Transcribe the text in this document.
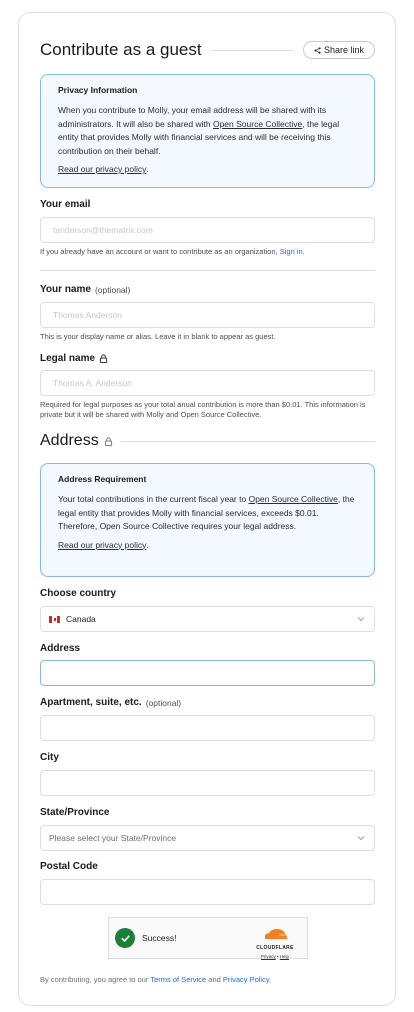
Contribute as a guest	Share link
Privacy Information
When you contribute to Molly, your email address will be shared with its administrators. It will also be shared with Open Source Collective, the legal entity that provides Molly with financial services and will be receiving this contribution on their behalf.
Read our privacy policy.
Your email
tanderson@thematrix.com
If you already have an account or want to contribute as an organization, Sign in.
Your name (optional)
Thomas Anderson
This is your display name or alias. Leave it in blank to appear as guest.
Legal name
Thomas A. Anderson
Required for legal purposes as your total anual contribution is more than $0.01. This information is private but it will be shared with Molly and Open Source Collective.
Address
Address Requirement
Your total contributions in the current fiscal year to Open Source Collective, the legal entity that provides Molly with financial services, exceeds $0.01. Therefore, Open Source Collective requires your legal address.
Read our privacy policy.
Choose country
Canada
Address
Apartment, suite, etc. (optional)
City
State/Province
Please select your State/Province
Postal Code
Success!
CLOUDFLARE
Privacy • Help
By contributing, you agree to our Terms of Service and Privacy Policy.
